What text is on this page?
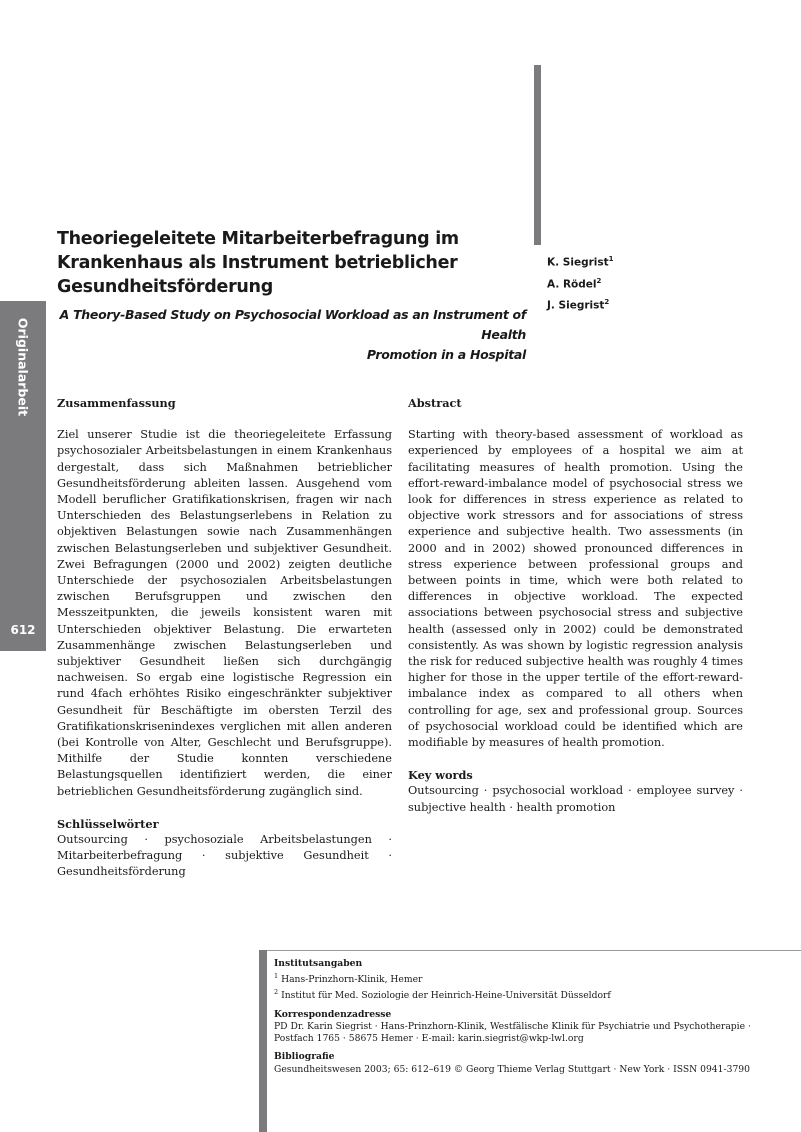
Originalarbeit
612
Theoriegeleitete Mitarbeiterbefragung im
Krankenhaus als Instrument betrieblicher
Gesundheitsförderung
A Theory-Based Study on Psychosocial Workload as an Instrument of Health
Promotion in a Hospital
K. Siegrist$^1$
A. Rödel$^2$
J. Siegrist$^2$

Zusammenfassung

Ziel unserer Studie ist die theoriegeleitete Erfassung psychosozialer Arbeitsbelastungen in einem Krankenhaus dergestalt, dass sich Maßnahmen betrieblicher Gesundheitsförderung ableiten lassen. Ausgehend vom Modell beruflicher Gratifikationskrisen, fragen wir nach Unterschieden des Belastungserlebens in Relation zu objektiven Belastungen sowie nach Zusammenhängen zwischen Belastungserleben und subjektiver Gesundheit. Zwei Befragungen (2000 und 2002) zeigten deutliche Unterschiede der psychosozialen Arbeitsbelastungen zwischen Berufsgruppen und zwischen den Messzeitpunkten, die jeweils konsistent waren mit Unterschieden objektiver Belastung. Die erwarteten Zusammenhänge zwischen Belastungserleben und subjektiver Gesundheit ließen sich durchgängig nachweisen. So ergab eine logistische Regression ein rund 4fach erhöhtes Risiko eingeschränkter subjektiver Gesundheit für Beschäftigte im obersten Terzil des Gratifikationskrisenindexes verglichen mit allen anderen (bei Kontrolle von Alter, Geschlecht und Berufsgruppe). Mithilfe der Studie konnten verschiedene Belastungsquellen identifiziert werden, die einer betrieblichen Gesundheitsförderung zugänglich sind.

Schlüsselwörter

Outsourcing · psychosoziale Arbeitsbelastungen · Mitarbeiterbefragung · subjektive Gesundheit · Gesundheitsförderung

Abstract

Starting with theory-based assessment of workload as experienced by employees of a hospital we aim at facilitating measures of health promotion. Using the effort-reward-imbalance model of psychosocial stress we look for differences in stress experience as related to objective work stressors and for associations of stress experience and subjective health. Two assessments (in 2000 and in 2002) showed pronounced differences in stress experience between professional groups and between points in time, which were both related to differences in objective workload. The expected associations between psychosocial stress and subjective health (assessed only in 2002) could be demonstrated consistently. As was shown by logistic regression analysis the risk for reduced subjective health was roughly 4 times higher for those in the upper tertile of the effort-reward-imbalance index as compared to all others when controlling for age, sex and professional group. Sources of psychosocial workload could be identified which are modifiable by measures of health promotion.

Key words

Outsourcing · psychosocial workload · employee survey · subjective health · health promotion

Institutsangaben

$^1$ Hans-Prinzhorn-Klinik, Hemer

$^2$ Institut für Med. Soziologie der Heinrich-Heine-Universität Düsseldorf

Korrespondenzadresse

PD Dr. Karin Siegrist · Hans-Prinzhorn-Klinik, Westfälische Klinik für Psychiatrie und Psychotherapie ·

Postfach 1765 · 58675 Hemer · E-mail: karin.siegrist@wkp-lwl.org

Bibliografie

Gesundheitswesen 2003; 65: 612–619 © Georg Thieme Verlag Stuttgart · New York · ISSN 0941-3790
